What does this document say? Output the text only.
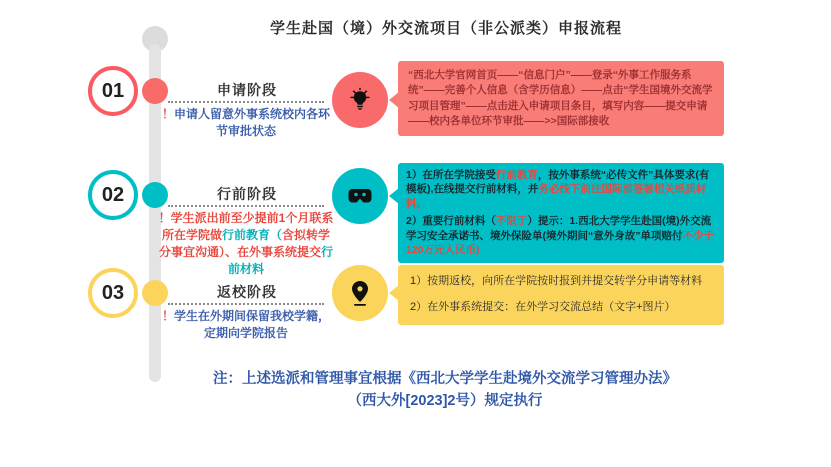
学生赴国（境）外交流项目（非公派类）申报流程
01	申请阶段
！申请人留意外事系统校内各环节审批状态

“西北大学官网首页——“信息门户”——登录“外事工作服务系统”——完善个人信息（含学历信息）——点击“学生国境外交流学习项目管理”——点击进入申请项目条目，填写内容——提交申请——校内各单位环节审批——>>国际部接收

02	行前阶段
！学生派出前至少提前1个月联系所在学院做行前教育（含拟转学分事宜沟通）、在外事系统提交行前材料

1）在所在学院接受行前教育，按外事系统“必传文件”具体要求(有模板),在线提交行前材料，并务必线下前往国际部签署相关纸质材料。

2）重要行前材料（不限于）提示：1.西北大学学生赴国(境)外交流学习安全承诺书、境外保险单(境外期间“意外身故”单项赔付不少于120万元人民币)

03	返校阶段
！学生在外期间保留我校学籍，定期向学院报告

1）按期返校，向所在学院按时报到并提交转学分申请等材料

2）在外事系统提交：在外学习交流总结（文字+图片）

注：上述选派和管理事宜根据《西北大学学生赴境外交流学习管理办法》
（西大外[2023]2号）规定执行
